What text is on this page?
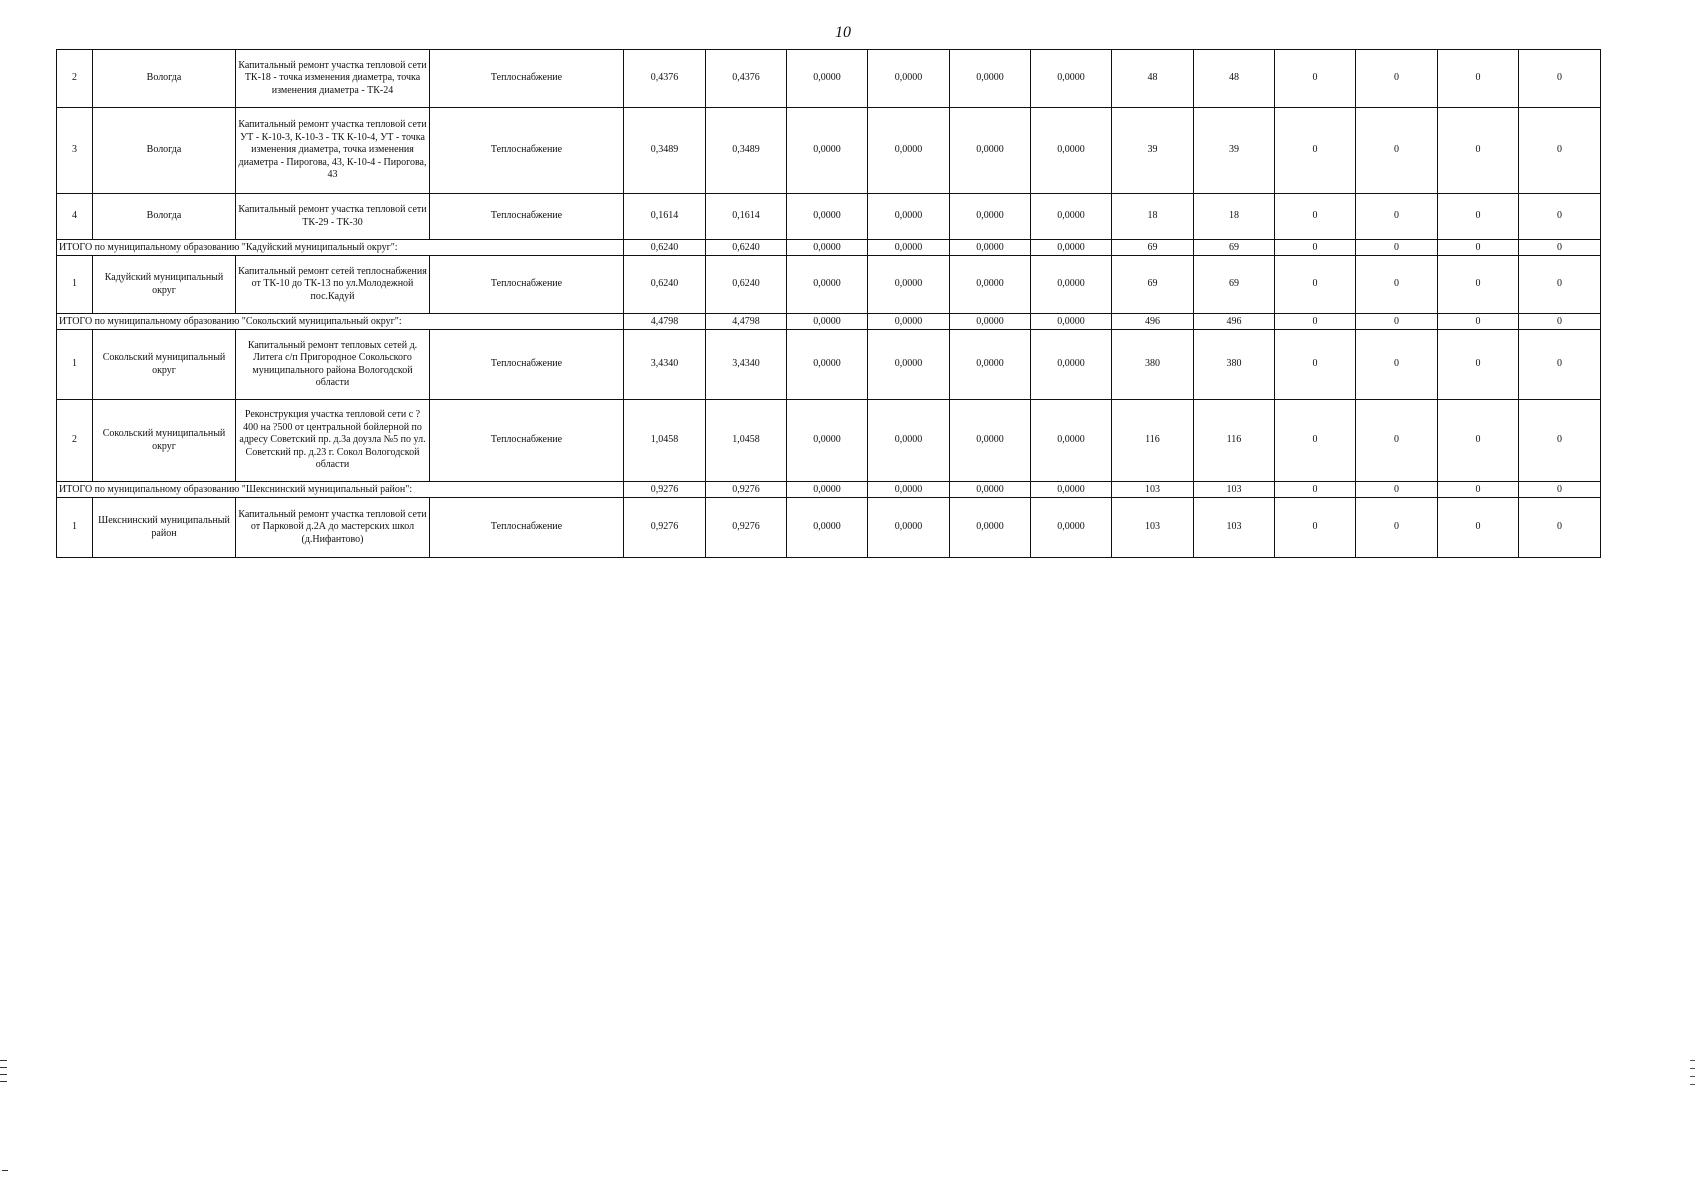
10
2	Вологда	Капитальный ремонт участка тепловой сети ТК-18 - точка изменения диаметра, точка изменения диаметра - ТК-24	Теплоснабжение	0,4376	0,4376	0,0000	0,0000	0,0000	0,0000	48	48	0	0	0	0
3	Вологда	Капитальный ремонт участка тепловой сети УТ - К-10-3, К-10-3 - ТК К-10-4, УТ - точка изменения диаметра, точка изменения диаметра - Пирогова, 43, К-10-4 - Пирогова, 43	Теплоснабжение	0,3489	0,3489	0,0000	0,0000	0,0000	0,0000	39	39	0	0	0	0
4	Вологда	Капитальный ремонт участка тепловой сети ТК-29 - ТК-30	Теплоснабжение	0,1614	0,1614	0,0000	0,0000	0,0000	0,0000	18	18	0	0	0	0
ИТОГО по муниципальному образованию "Кадуйский муниципальный округ":				0,6240	0,6240	0,0000	0,0000	0,0000	0,0000	69	69	0	0	0	0
1	Кадуйский муниципальный округ	Капитальный ремонт сетей теплоснабжения от ТК-10 до ТК-13 по ул.Молодежной пос.Кадуй	Теплоснабжение	0,6240	0,6240	0,0000	0,0000	0,0000	0,0000	69	69	0	0	0	0
ИТОГО по муниципальному образованию "Сокольский муниципальный округ":				4,4798	4,4798	0,0000	0,0000	0,0000	0,0000	496	496	0	0	0	0
1	Сокольский муниципальный округ	Капитальный ремонт тепловых сетей д. Литега с/п Пригородное Сокольского муниципального района Вологодской области	Теплоснабжение	3,4340	3,4340	0,0000	0,0000	0,0000	0,0000	380	380	0	0	0	0
2	Сокольский муниципальный округ	Реконструкция участка тепловой сети с ?400 на ?500 от центральной бойлерной по адресу Советский пр. д.3а доузла №5 по ул. Советский пр. д.23 г. Сокол Вологодской области	Теплоснабжение	1,0458	1,0458	0,0000	0,0000	0,0000	0,0000	116	116	0	0	0	0
ИТОГО по муниципальному образованию "Шекснинский муниципальный район":				0,9276	0,9276	0,0000	0,0000	0,0000	0,0000	103	103	0	0	0	0
1	Шекснинский муниципальный район	Капитальный ремонт участка тепловой сети от Парковой д.2А до мастерских школ (д.Нифантово)	Теплоснабжение	0,9276	0,9276	0,0000	0,0000	0,0000	0,0000	103	103	0	0	0	0
